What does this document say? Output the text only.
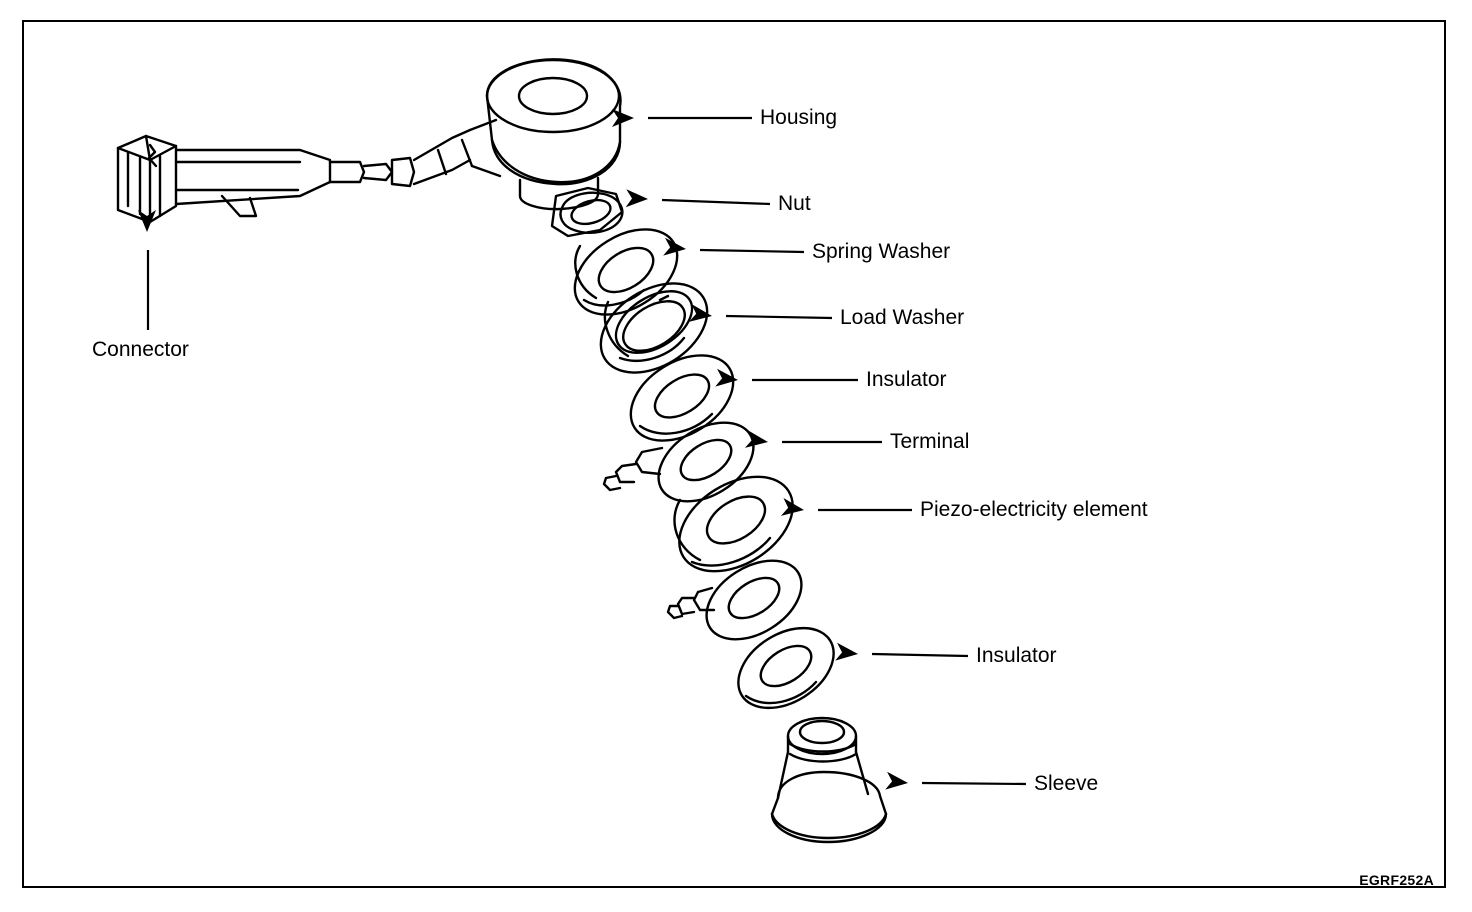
Housing
Nut
Spring Washer
Load Washer
Insulator
Terminal
Piezo-electricity element
Insulator
Sleeve
Connector
EGRF252A
